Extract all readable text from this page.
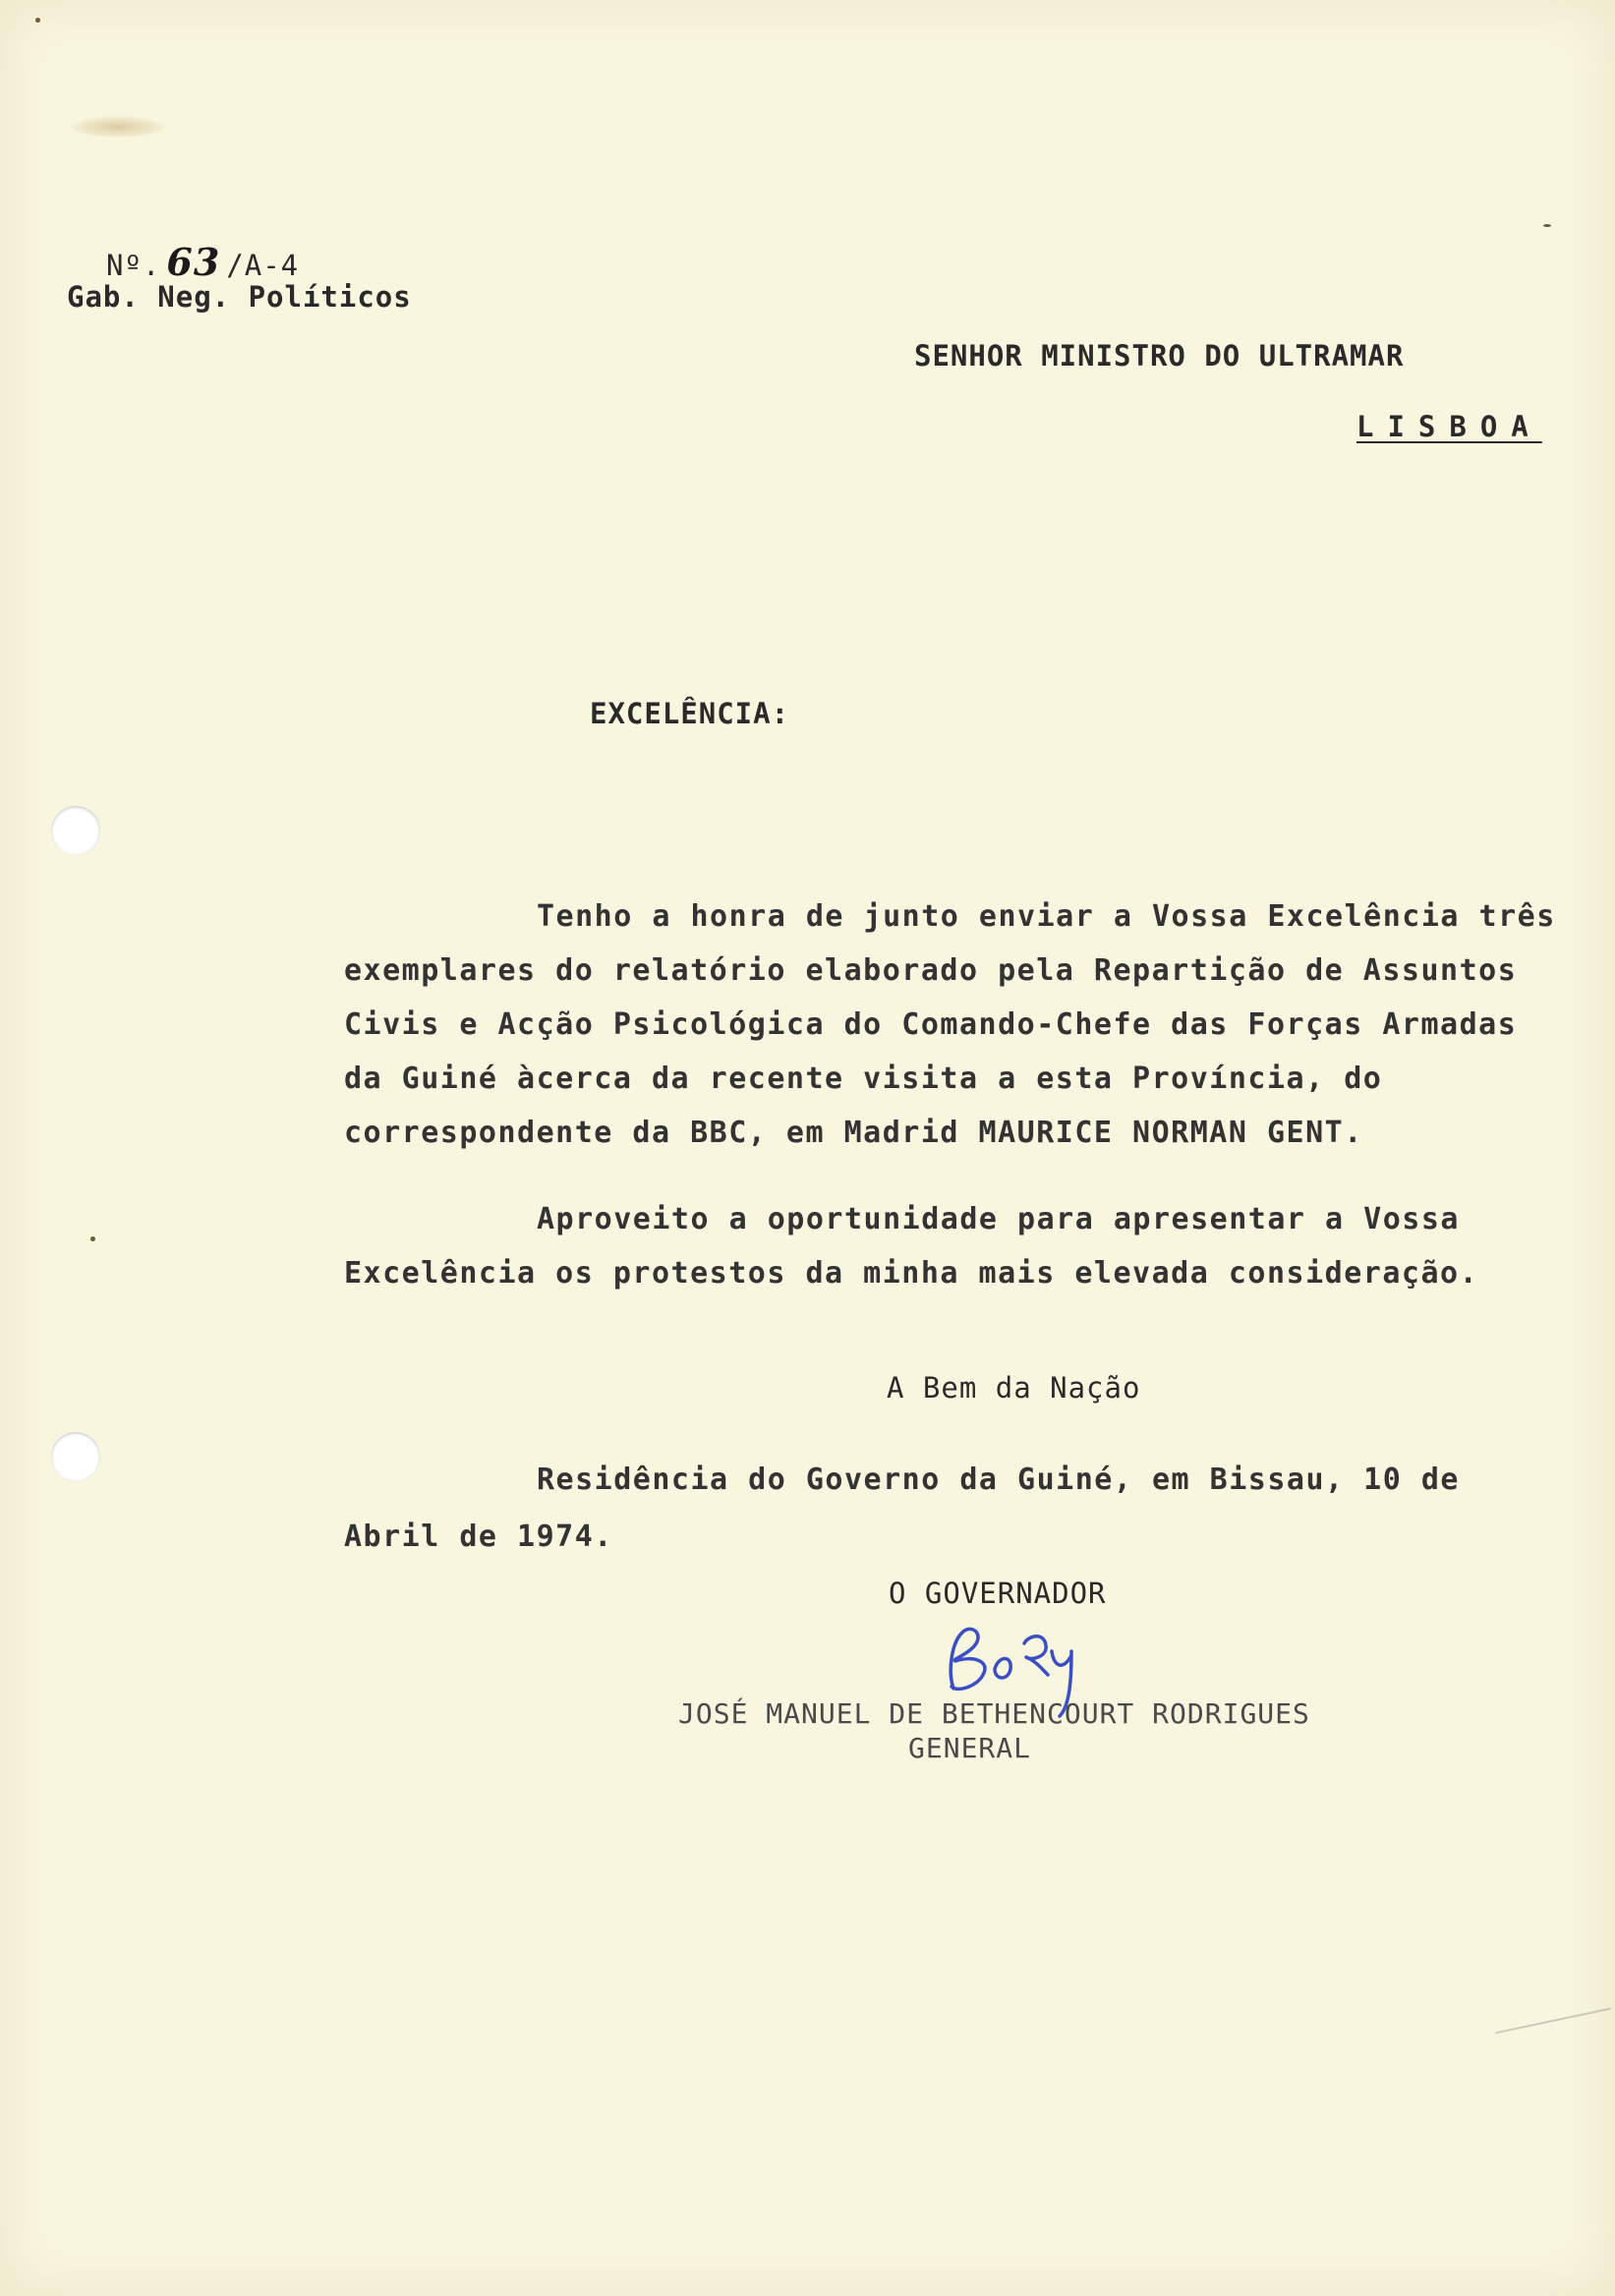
Nº. 63 /A-4
Gab. Neg. Políticos
SENHOR MINISTRO DO ULTRAMAR
LISBOA
EXCELÊNCIA:

Tenho a honra de junto enviar a Vossa Excelência três exemplares do relatório elaborado pela Repartição de Assuntos Civis e Acção Psicológica do Comando-Chefe das Forças Armadas da Guiné àcerca da recente visita a esta Província, do correspondente da BBC, em Madrid MAURICE NORMAN GENT.

Aproveito a oportunidade para apresentar a Vossa Excelência os protestos da minha mais elevada consideração.

A Bem da Nação

Residência do Governo da Guiné, em Bissau, 10 de Abril de 1974.

O GOVERNADOR
JOSÉ MANUEL DE BETHENCOURT RODRIGUES
GENERAL
